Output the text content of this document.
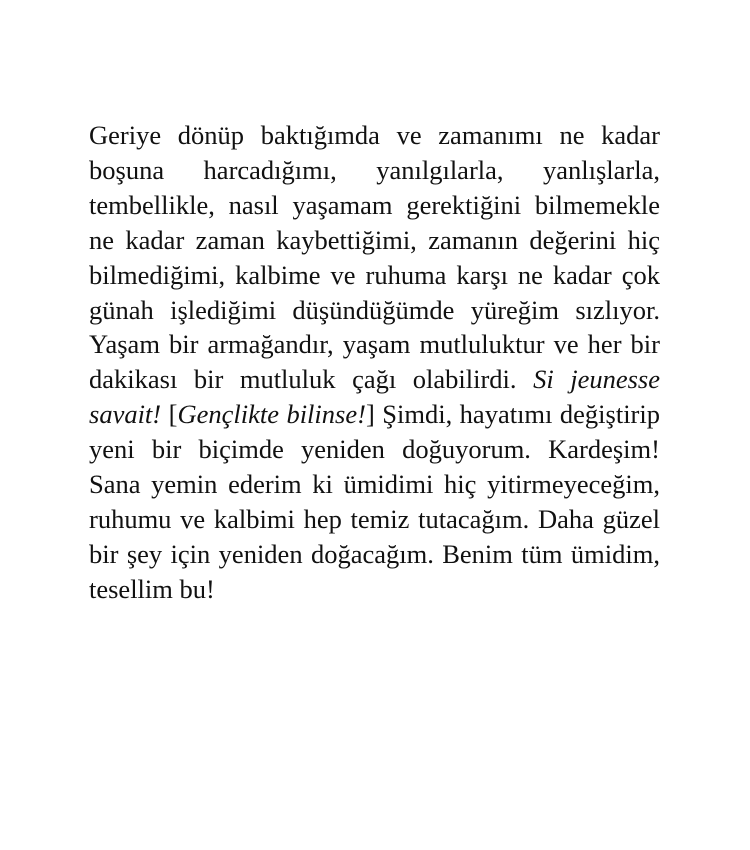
Geriye dönüp baktığımda ve zamanımı ne kadar boşuna harcadığımı, yanılgılarla, yanlışlarla, tembellikle, nasıl yaşamam gerektiğini bilmemekle ne kadar zaman kaybettiğimi, zamanın değerini hiç bilmediğimi, kalbime ve ruhuma karşı ne kadar çok günah işlediğimi düşündüğümde yüreğim sızlıyor. Yaşam bir armağandır, yaşam mutluluktur ve her bir dakikası bir mutluluk çağı olabilirdi. Si jeunesse savait! [Gençlikte bilinse!] Şimdi, hayatımı değiştirip yeni bir biçimde yeniden doğuyorum. Kardeşim! Sana yemin ederim ki ümidimi hiç yitirmeyeceğim, ruhumu ve kalbimi hep temiz tutacağım. Daha güzel bir şey için yeniden doğacağım. Benim tüm ümidim, tesellim bu!
